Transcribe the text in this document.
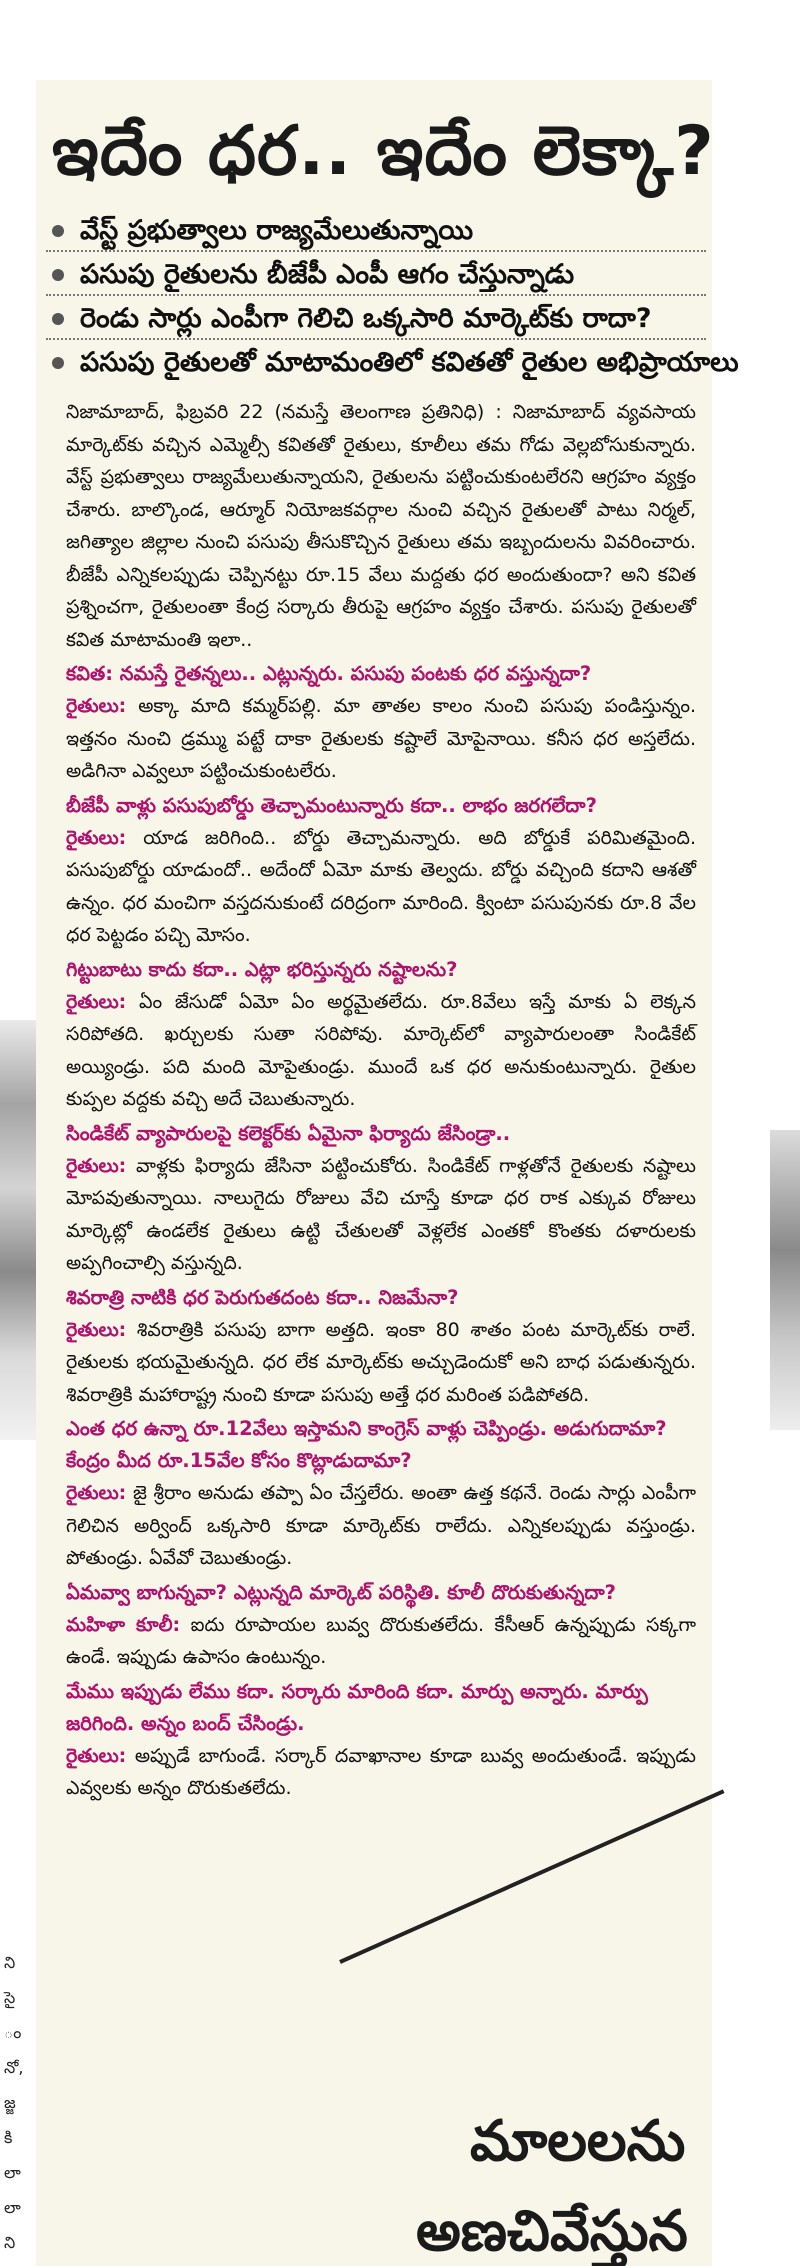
ని
సై
ం
నో,
జ్జ
కి
లా
లా
ని
ఇదేం ధర.. ఇదేం లెక్కా?
వేస్ట్ ప్రభుత్వాలు రాజ్యమేలుతున్నాయి
పసుపు రైతులను బీజేపీ ఎంపీ ఆగం చేస్తున్నాడు
రెండు సార్లు ఎంపీగా గెలిచి ఒక్కసారి మార్కెట్‌కు రాదా?
పసుపు రైతులతో మాటామంతిలో కవితతో రైతుల అభిప్రాయాలు

నిజామాబాద్, ఫిబ్రవరి 22 (నమస్తే తెలంగాణ ప్రతినిధి) : నిజామాబాద్ వ్యవసాయ మార్కెట్‌కు వచ్చిన ఎమ్మెల్సీ కవితతో రైతులు, కూలీలు తమ గోడు వెల్లబోసుకున్నారు. వేస్ట్ ప్రభుత్వాలు రాజ్యమేలుతున్నాయని, రైతులను పట్టించుకుంటలేరని ఆగ్రహం వ్యక్తం చేశారు. బాల్కొండ, ఆర్మూర్ నియోజకవర్గాల నుంచి వచ్చిన రైతులతో పాటు నిర్మల్, జగిత్యాల జిల్లాల నుంచి పసుపు తీసుకొచ్చిన రైతులు తమ ఇబ్బందులను వివరించారు. బీజేపీ ఎన్నికలప్పుడు చెప్పినట్టు రూ.15 వేలు మద్దతు ధర అందుతుందా? అని కవిత ప్రశ్నించగా, రైతులంతా కేంద్ర సర్కారు తీరుపై ఆగ్రహం వ్యక్తం చేశారు. పసుపు రైతులతో కవిత మాటామంతి ఇలా..

కవిత: నమస్తే రైతన్నలు.. ఎట్లున్నరు. పసుపు పంటకు ధర వస్తున్నదా?

రైతులు: అక్కా మాది కమ్మర్‌పల్లి. మా తాతల కాలం నుంచి పసుపు పండిస్తున్నం. ఇత్తనం నుంచి డ్రమ్ము పట్టే దాకా రైతులకు కష్టాలే మోపైనాయి. కనీస ధర అస్తలేదు. అడిగినా ఎవ్వలూ పట్టించుకుంటలేరు.

బీజేపీ వాళ్లు పసుపుబోర్డు తెచ్చామంటున్నారు కదా.. లాభం జరగలేదా?

రైతులు: యాడ జరిగింది.. బోర్డు తెచ్చామన్నారు. అది బోర్డుకే పరిమితమైంది. పసుపుబోర్డు యాడుందో.. అదేందో ఏమో మాకు తెల్వదు. బోర్డు వచ్చింది కదాని ఆశతో ఉన్నం. ధర మంచిగా వస్తదనుకుంటే దరిద్రంగా మారింది. క్వింటా పసుపునకు రూ.8 వేల ధర పెట్టడం పచ్చి మోసం.

గిట్టుబాటు కాదు కదా.. ఎట్లా భరిస్తున్నరు నష్టాలను?

రైతులు: ఏం జేసుడో ఏమో ఏం అర్థమైతలేదు. రూ.8వేలు ఇస్తే మాకు ఏ లెక్కన సరిపోతది. ఖర్చులకు సుతా సరిపోవు. మార్కెట్‌లో వ్యాపారులంతా సిండికేట్ అయ్యిండ్రు. పది మంది మోపైతుండ్రు. ముందే ఒక ధర అనుకుంటున్నారు. రైతుల కుప్పల వద్దకు వచ్చి అదే చెబుతున్నారు.

సిండికేట్ వ్యాపారులపై కలెక్టర్‌కు ఏమైనా ఫిర్యాదు జేసిండ్రా..

రైతులు: వాళ్లకు ఫిర్యాదు జేసినా పట్టించుకోరు. సిండికేట్ గాళ్లతోనే రైతులకు నష్టాలు మోపవుతున్నాయి. నాలుగైదు రోజులు వేచి చూస్తే కూడా ధర రాక ఎక్కువ రోజులు మార్కెట్లో ఉండలేక రైతులు ఉట్టి చేతులతో వెళ్లలేక ఎంతకో కొంతకు దళారులకు అప్పగించాల్సి వస్తున్నది.

శివరాత్రి నాటికి ధర పెరుగుతదంట కదా.. నిజమేనా?

రైతులు: శివరాత్రికి పసుపు బాగా అత్తది. ఇంకా 80 శాతం పంట మార్కెట్‌కు రాలే. రైతులకు భయమైతున్నది. ధర లేక మార్కెట్‌కు అచ్చుడెందుకో అని బాధ పడుతున్నరు. శివరాత్రికి మహారాష్ట్ర నుంచి కూడా పసుపు అత్తే ధర మరింత పడిపోతది.

ఎంత ధర ఉన్నా రూ.12వేలు ఇస్తామని కాంగ్రెస్ వాళ్లు చెప్పిండ్రు. అడుగుదామా? కేంద్రం మీద రూ.15వేల కోసం కొట్లాడుదామా?

రైతులు: జై శ్రీరాం అనుడు తప్పా ఏం చేస్తలేరు. అంతా ఉత్త కథనే. రెండు సార్లు ఎంపీగా గెలిచిన అర్వింద్ ఒక్కసారి కూడా మార్కెట్‌కు రాలేదు. ఎన్నికలప్పుడు వస్తుండ్రు. పోతుండ్రు. ఏవేవో చెబుతుండ్రు.

ఏమవ్వా బాగున్నవా? ఎట్లున్నది మార్కెట్ పరిస్థితి. కూలీ దొరుకుతున్నదా?

మహిళా కూలీ: ఐదు రూపాయల బువ్వ దొరుకుతలేదు. కేసీఆర్ ఉన్నప్పుడు సక్కగా ఉండే. ఇప్పుడు ఉపాసం ఉంటున్నం.

మేము ఇప్పుడు లేము కదా. సర్కారు మారింది కదా. మార్పు అన్నారు. మార్పు జరిగింది. అన్నం బంద్ చేసిండ్రు.

రైతులు: అప్పుడే బాగుండే. సర్కార్ దవాఖానాల కూడా బువ్వ అందుతుండే. ఇప్పుడు ఎవ్వలకు అన్నం దొరుకుతలేదు.

మాలలను
అణచివేస్తున
